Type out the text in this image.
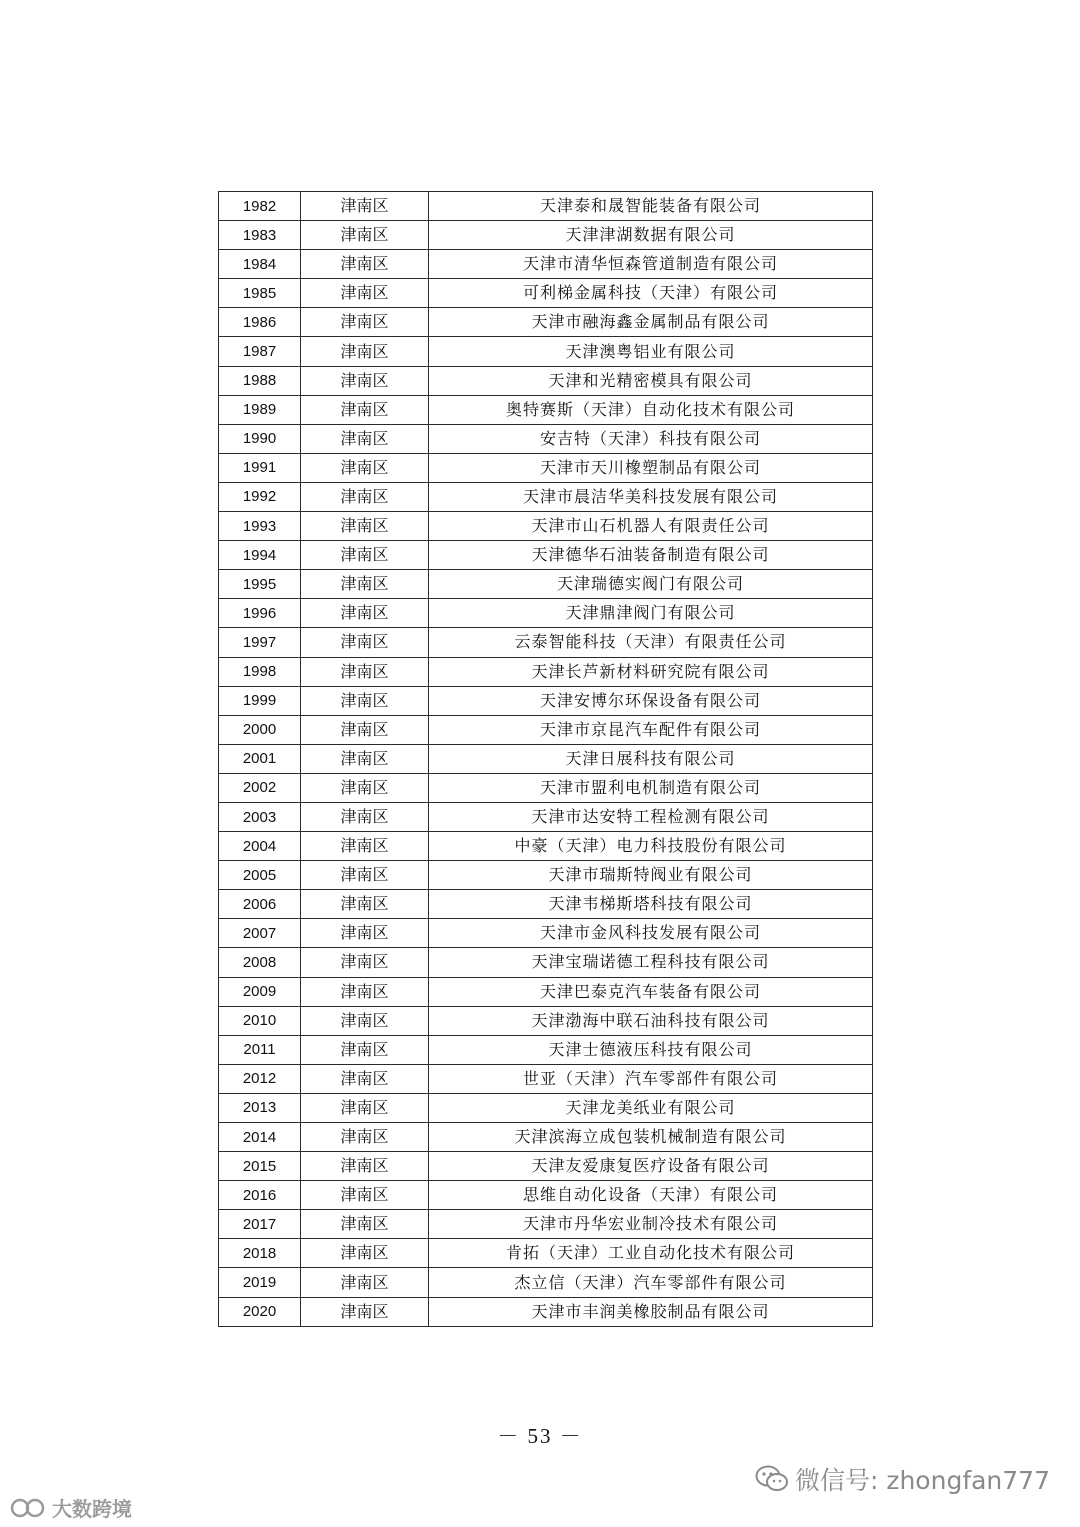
1982	津南区	天津泰和晟智能装备有限公司
1983	津南区	天津津湖数据有限公司
1984	津南区	天津市清华恒森管道制造有限公司
1985	津南区	可利梯金属科技（天津）有限公司
1986	津南区	天津市融海鑫金属制品有限公司
1987	津南区	天津澳粤铝业有限公司
1988	津南区	天津和光精密模具有限公司
1989	津南区	奥特赛斯（天津）自动化技术有限公司
1990	津南区	安吉特（天津）科技有限公司
1991	津南区	天津市天川橡塑制品有限公司
1992	津南区	天津市晨洁华美科技发展有限公司
1993	津南区	天津市山石机器人有限责任公司
1994	津南区	天津德华石油装备制造有限公司
1995	津南区	天津瑞德实阀门有限公司
1996	津南区	天津鼎津阀门有限公司
1997	津南区	云泰智能科技（天津）有限责任公司
1998	津南区	天津长芦新材料研究院有限公司
1999	津南区	天津安博尔环保设备有限公司
2000	津南区	天津市京昆汽车配件有限公司
2001	津南区	天津日展科技有限公司
2002	津南区	天津市盟利电机制造有限公司
2003	津南区	天津市达安特工程检测有限公司
2004	津南区	中豪（天津）电力科技股份有限公司
2005	津南区	天津市瑞斯特阀业有限公司
2006	津南区	天津韦梯斯塔科技有限公司
2007	津南区	天津市金风科技发展有限公司
2008	津南区	天津宝瑞诺德工程科技有限公司
2009	津南区	天津巴泰克汽车装备有限公司
2010	津南区	天津渤海中联石油科技有限公司
2011	津南区	天津士德液压科技有限公司
2012	津南区	世亚（天津）汽车零部件有限公司
2013	津南区	天津龙美纸业有限公司
2014	津南区	天津滨海立成包装机械制造有限公司
2015	津南区	天津友爱康复医疗设备有限公司
2016	津南区	思维自动化设备（天津）有限公司
2017	津南区	天津市丹华宏业制冷技术有限公司
2018	津南区	肯拓（天津）工业自动化技术有限公司
2019	津南区	杰立信（天津）汽车零部件有限公司
2020	津南区	天津市丰润美橡胶制品有限公司
－ 53 －
微信号: zhongfan777
大数跨境
